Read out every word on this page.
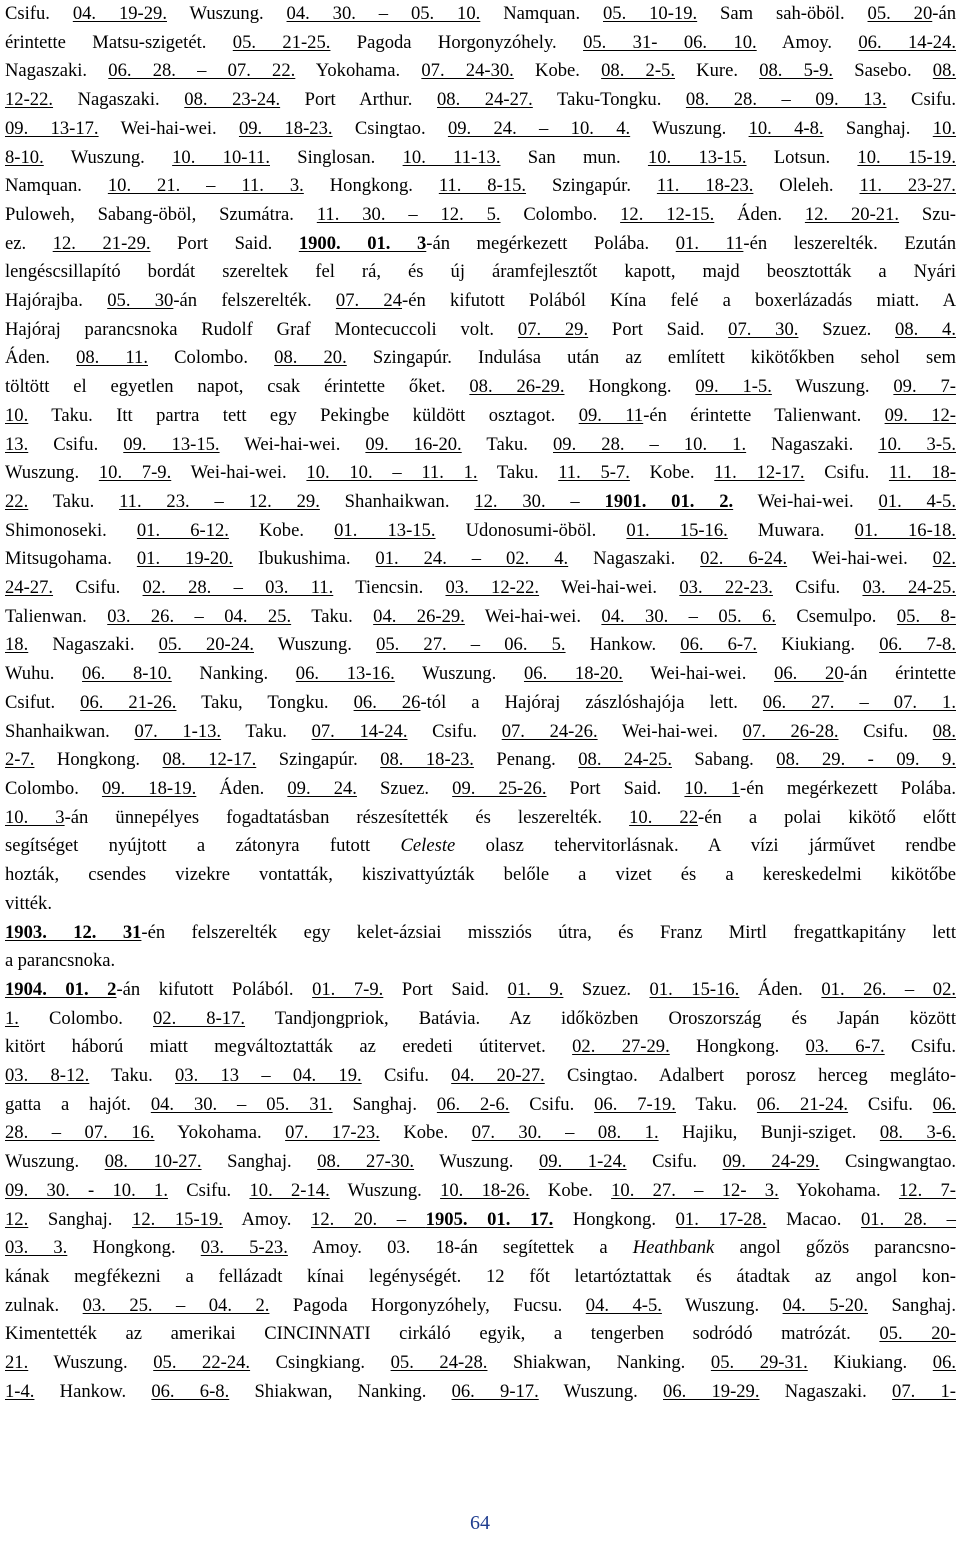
Csifu. 04. 19-29. Wuszung. 04. 30. – 05. 10. Namquan. 05. 10-19. Sam sah-öböl. 05. 20-án
érintette Matsu-szigetét. 05. 21-25. Pagoda Horgonyzóhely. 05. 31- 06. 10. Amoy. 06. 14-24.
Nagaszaki. 06. 28. – 07. 22. Yokohama. 07. 24-30. Kobe. 08. 2-5. Kure. 08. 5-9. Sasebo. 08.
12-22. Nagaszaki. 08. 23-24. Port Arthur. 08. 24-27. Taku-Tongku. 08. 28. – 09. 13. Csifu.
09. 13-17. Wei-hai-wei. 09. 18-23. Csingtao. 09. 24. – 10. 4. Wuszung. 10. 4-8. Sanghaj. 10.
8-10. Wuszung. 10. 10-11. Singlosan. 10. 11-13. San mun. 10. 13-15. Lotsun. 10. 15-19.
Namquan. 10. 21. – 11. 3. Hongkong. 11. 8-15. Szingapúr. 11. 18-23. Oleleh. 11. 23-27.
Puloweh, Sabang-öböl, Szumátra. 11. 30. – 12. 5. Colombo. 12. 12-15. Áden. 12. 20-21. Szu-
ez. 12. 21-29. Port Said. 1900. 01. 3-án megérkezett Polába. 01. 11-én leszerelték. Ezután
lengéscsillapító bordát szereltek fel rá, és új áramfejlesztőt kapott, majd beosztották a Nyári
Hajórajba. 05. 30-án felszerelték. 07. 24-én kifutott Polából Kína felé a boxerlázadás miatt. A
Hajóraj parancsnoka Rudolf Graf Montecuccoli volt. 07. 29. Port Said. 07. 30. Szuez. 08. 4.
Áden. 08. 11. Colombo. 08. 20. Szingapúr. Indulása után az említett kikötőkben sehol sem
töltött el egyetlen napot, csak érintette őket. 08. 26-29. Hongkong. 09. 1-5. Wuszung. 09. 7-
10. Taku. Itt partra tett egy Pekingbe küldött osztagot. 09. 11-én érintette Talienwant. 09. 12-
13. Csifu. 09. 13-15. Wei-hai-wei. 09. 16-20. Taku. 09. 28. – 10. 1. Nagaszaki. 10. 3-5.
Wuszung. 10. 7-9. Wei-hai-wei. 10. 10. – 11. 1. Taku. 11. 5-7. Kobe. 11. 12-17. Csifu. 11. 18-
22. Taku. 11. 23. – 12. 29. Shanhaikwan. 12. 30. – 1901. 01. 2. Wei-hai-wei. 01. 4-5.
Shimonoseki. 01. 6-12. Kobe. 01. 13-15. Udonosumi-öböl. 01. 15-16. Muwara. 01. 16-18.
Mitsugohama. 01. 19-20. Ibukushima. 01. 24. – 02. 4. Nagaszaki. 02. 6-24. Wei-hai-wei. 02.
24-27. Csifu. 02. 28. – 03. 11. Tiencsin. 03. 12-22. Wei-hai-wei. 03. 22-23. Csifu. 03. 24-25.
Talienwan. 03. 26. – 04. 25. Taku. 04. 26-29. Wei-hai-wei. 04. 30. – 05. 6. Csemulpo. 05. 8-
18. Nagaszaki. 05. 20-24. Wuszung. 05. 27. – 06. 5. Hankow. 06. 6-7. Kiukiang. 06. 7-8.
Wuhu. 06. 8-10. Nanking. 06. 13-16. Wuszung. 06. 18-20. Wei-hai-wei. 06. 20-án érintette
Csifut. 06. 21-26. Taku, Tongku. 06. 26-tól a Hajóraj zászlóshajója lett. 06. 27. – 07. 1.
Shanhaikwan. 07. 1-13. Taku. 07. 14-24. Csifu. 07. 24-26. Wei-hai-wei. 07. 26-28. Csifu. 08.
2-7. Hongkong. 08. 12-17. Szingapúr. 08. 18-23. Penang. 08. 24-25. Sabang. 08. 29. - 09. 9.
Colombo. 09. 18-19. Áden. 09. 24. Szuez. 09. 25-26. Port Said. 10. 1-én megérkezett Polába.
10. 3-án ünnepélyes fogadtatásban részesítették és leszerelték. 10. 22-én a polai kikötő előtt
segítséget nyújtott a zátonyra futott Celeste olasz tehervitorlásnak. A vízi járművet rendbe
hozták, csendes vizekre vontatták, kiszivattyúzták belőle a vizet és a kereskedelmi kikötőbe
vitték.
1903. 12. 31-én felszerelték egy kelet-ázsiai missziós útra, és Franz Mirtl fregattkapitány lett
a parancsnoka.
1904. 01. 2-án kifutott Polából. 01. 7-9. Port Said. 01. 9. Szuez. 01. 15-16. Áden. 01. 26. – 02.
1. Colombo. 02. 8-17. Tandjongpriok, Batávia. Az időközben Oroszország és Japán között
kitört háború miatt megváltoztatták az eredeti útitervet. 02. 27-29. Hongkong. 03. 6-7. Csifu.
03. 8-12. Taku. 03. 13 – 04. 19. Csifu. 04. 20-27. Csingtao. Adalbert porosz herceg megláto-
gatta a hajót. 04. 30. – 05. 31. Sanghaj. 06. 2-6. Csifu. 06. 7-19. Taku. 06. 21-24. Csifu. 06.
28. – 07. 16. Yokohama. 07. 17-23. Kobe. 07. 30. – 08. 1. Hajiku, Bunji-sziget. 08. 3-6.
Wuszung. 08. 10-27. Sanghaj. 08. 27-30. Wuszung. 09. 1-24. Csifu. 09. 24-29. Csingwangtao.
09. 30. - 10. 1. Csifu. 10. 2-14. Wuszung. 10. 18-26. Kobe. 10. 27. – 12- 3. Yokohama. 12. 7-
12. Sanghaj. 12. 15-19. Amoy. 12. 20. – 1905. 01. 17. Hongkong. 01. 17-28. Macao. 01. 28. –
03. 3. Hongkong. 03. 5-23. Amoy. 03. 18-án segítettek a Heathbank angol gőzös parancsno-
kának megfékezni a fellázadt kínai legénységét. 12 főt letartóztattak és átadtak az angol kon-
zulnak. 03. 25. – 04. 2. Pagoda Horgonyzóhely, Fucsu. 04. 4-5. Wuszung. 04. 5-20. Sanghaj.
Kimentették az amerikai CINCINNATI cirkáló egyik, a tengerben sodródó matrózát. 05. 20-
21. Wuszung. 05. 22-24. Csingkiang. 05. 24-28. Shiakwan, Nanking. 05. 29-31. Kiukiang. 06.
1-4. Hankow. 06. 6-8. Shiakwan, Nanking. 06. 9-17. Wuszung. 06. 19-29. Nagaszaki. 07. 1-
64
